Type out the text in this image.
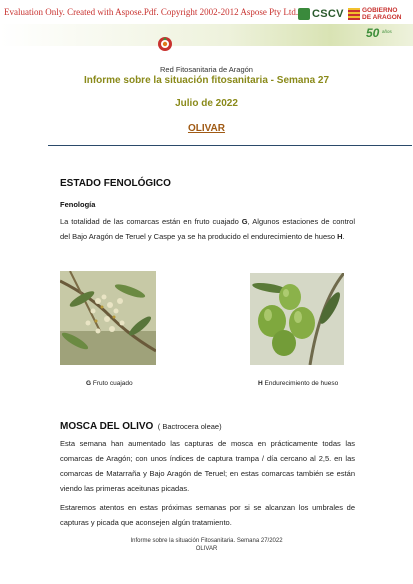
Evaluation Only. Created with Aspose.Pdf. Copyright 2002-2012 Aspose Pty Ltd. CSCV	GOBIERNO
DE ARAGON
50 años
Red Fitosanitaria de Aragón
Informe sobre la situación fitosanitaria - Semana 27
Julio de 2022
OLIVAR
ESTADO FENOLÓGICO
Fenología
La totalidad de las comarcas están en fruto cuajado G, Algunos estaciones de control del Bajo Aragón de Teruel y Caspe ya se ha producido el endurecimiento de hueso H.
G Fruto cuajado	H Endurecimiento de hueso
MOSCA DEL OLIVO ( Bactrocera oleae)
Esta semana han aumentado las capturas de mosca en prácticamente todas las comarcas de Aragón; con unos índices de captura trampa / día cercano al 2,5. en las comarcas de Matarraña y Bajo Aragón de Teruel; en estas comarcas también se están viendo las primeras aceitunas picadas.
Estaremos atentos en estas próximas semanas por si se alcanzan los umbrales de capturas y picada que aconsejen algún tratamiento.
Informe sobre la situación Fitosanitaria. Semana 27/2022
OLIVAR
